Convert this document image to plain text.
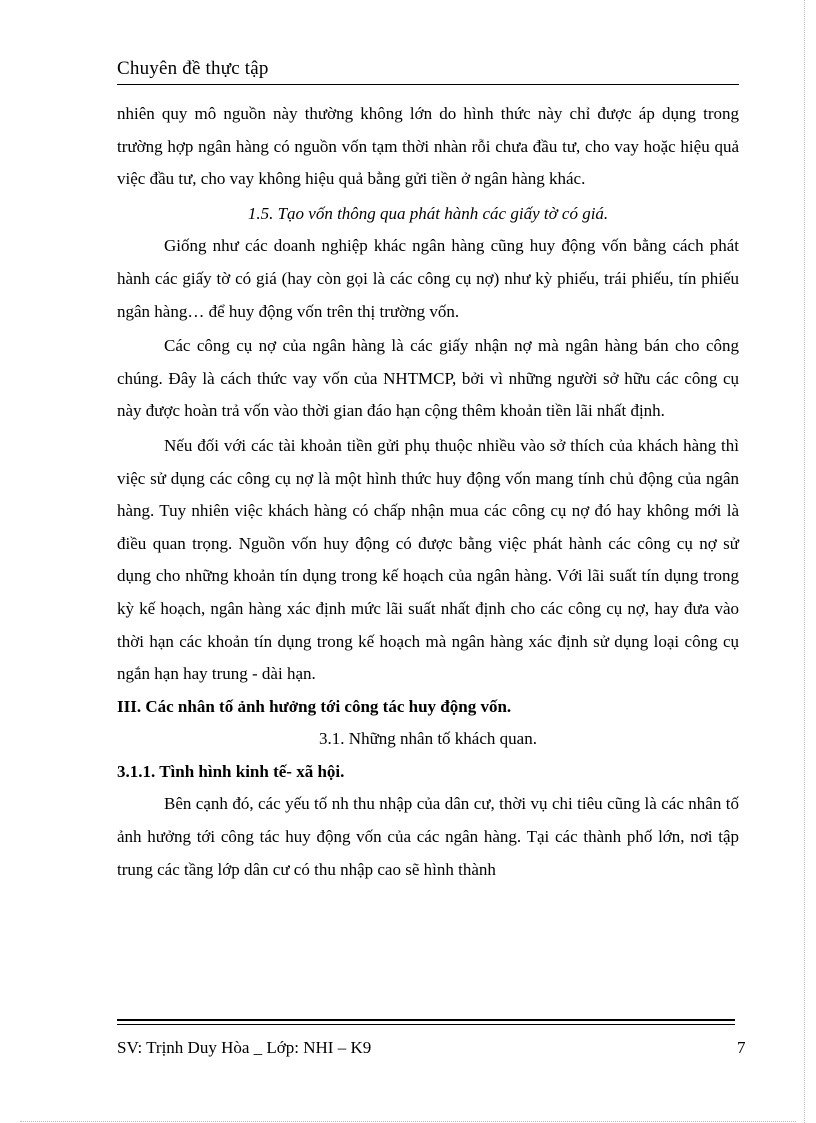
Chuyên đề thực tập

nhiên quy mô nguồn này thường không lớn do hình thức này chỉ được áp dụng trong trường hợp ngân hàng có nguồn vốn tạm thời nhàn rỗi chưa đầu tư, cho vay hoặc hiệu quả việc đầu tư, cho vay không hiệu quả bằng gửi tiền ở ngân hàng khác.

1.5. Tạo vốn thông qua phát hành các giấy tờ có giá.

Giống như các doanh nghiệp khác ngân hàng cũng huy động vốn bằng cách phát hành các giấy tờ có giá (hay còn gọi là các công cụ nợ) như kỳ phiếu, trái phiếu, tín phiếu ngân hàng… để huy động vốn trên thị trường vốn.

Các công cụ nợ của ngân hàng là các giấy nhận nợ mà ngân hàng bán cho công chúng. Đây là cách thức vay vốn của NHTMCP, bởi vì những người sở hữu các công cụ này được hoàn trả vốn vào thời gian đáo hạn cộng thêm khoản tiền lãi nhất định.

Nếu đối với các tài khoản tiền gửi phụ thuộc nhiều vào sở thích của khách hàng thì việc sử dụng các công cụ nợ là một hình thức huy động vốn mang tính chủ động của ngân hàng. Tuy nhiên việc khách hàng có chấp nhận mua các công cụ nợ đó hay không mới là điều quan trọng. Nguồn vốn huy động có được bằng việc phát hành các công cụ nợ sử dụng cho những khoản tín dụng trong kế hoạch của ngân hàng. Với lãi suất tín dụng trong kỳ kế hoạch, ngân hàng xác định mức lãi suất nhất định cho các công cụ nợ, hay đưa vào thời hạn các khoản tín dụng trong kế hoạch mà ngân hàng xác định sử dụng loại công cụ ngắn hạn hay trung - dài hạn.

III. Các nhân tố ảnh hưởng tới công tác huy động vốn.

3.1. Những nhân tố khách quan.

3.1.1. Tình hình kinh tế- xã hội.

Bên cạnh đó, các yếu tố nh thu nhập của dân cư, thời vụ chi tiêu cũng là các nhân tố ảnh hưởng tới công tác huy động vốn của các ngân hàng. Tại các thành phố lớn, nơi tập trung các tầng lớp dân cư có thu nhập cao sẽ hình thành

SV: Trịnh Duy Hòa _ Lớp: NHI – K9	7
